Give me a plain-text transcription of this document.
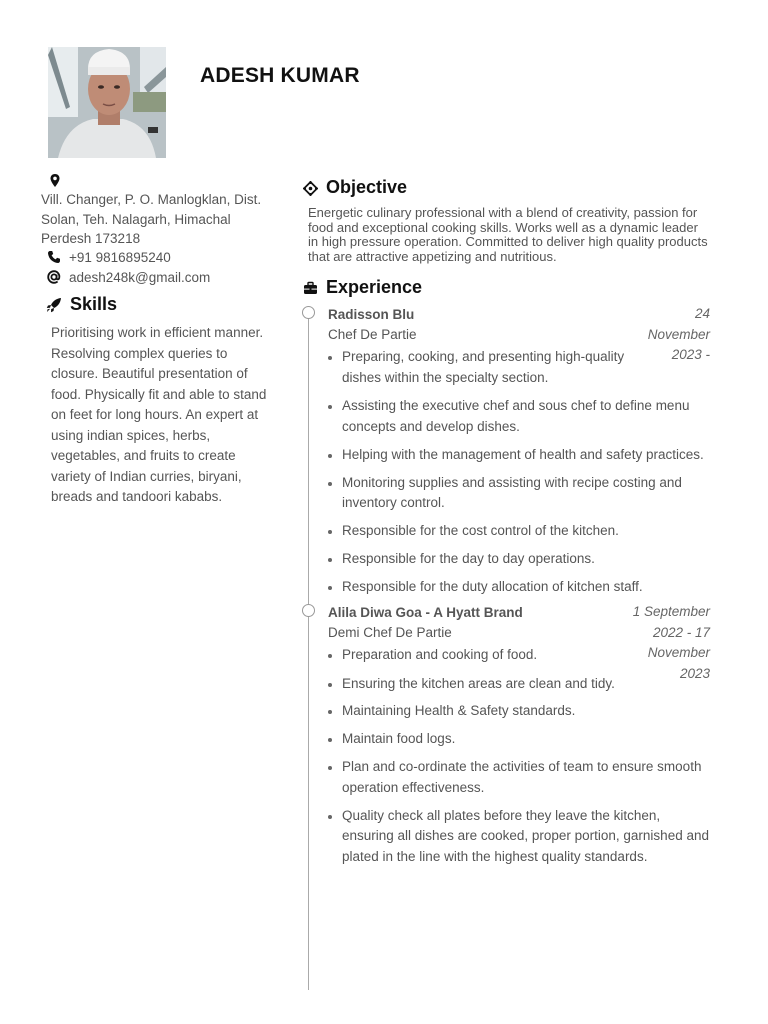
ADESH KUMAR
Vill. Changer, P. O. Manlogklan, Dist. Solan, Teh. Nalagarh, Himachal Perdesh 173218
+91 9816895240
adesh248k@gmail.com
Skills
Prioritising work in efficient manner. Resolving complex queries to closure. Beautiful presentation of food. Physically fit and able to stand on feet for long hours. An expert at using indian spices, herbs, vegetables, and fruits to create variety of Indian curries, biryani, breads and tandoori kababs.
Objective
Energetic culinary professional with a blend of creativity, passion for food and exceptional cooking skills. Works well as a dynamic leader in high pressure operation. Committed to deliver high quality products that are attractive appetizing and nutritious.
Experience
Radisson Blu
Chef De Partie
24 November 2023 -
Preparing, cooking, and presenting high-quality dishes within the specialty section.
Assisting the executive chef and sous chef to define menu concepts and develop dishes.
Helping with the management of health and safety practices.
Monitoring supplies and assisting with recipe costing and inventory control.
Responsible for the cost control of the kitchen.
Responsible for the day to day operations.
Responsible for the duty allocation of kitchen staff.
Alila Diwa Goa - A Hyatt Brand
Demi Chef De Partie
1 September 2022 - 17 November 2023
Preparation and cooking of food.
Ensuring the kitchen areas are clean and tidy.
Maintaining Health & Safety standards.
Maintain food logs.
Plan and co-ordinate the activities of team to ensure smooth operation effectiveness.
Quality check all plates before they leave the kitchen, ensuring all dishes are cooked, proper portion, garnished and plated in the line with the highest quality standards.
